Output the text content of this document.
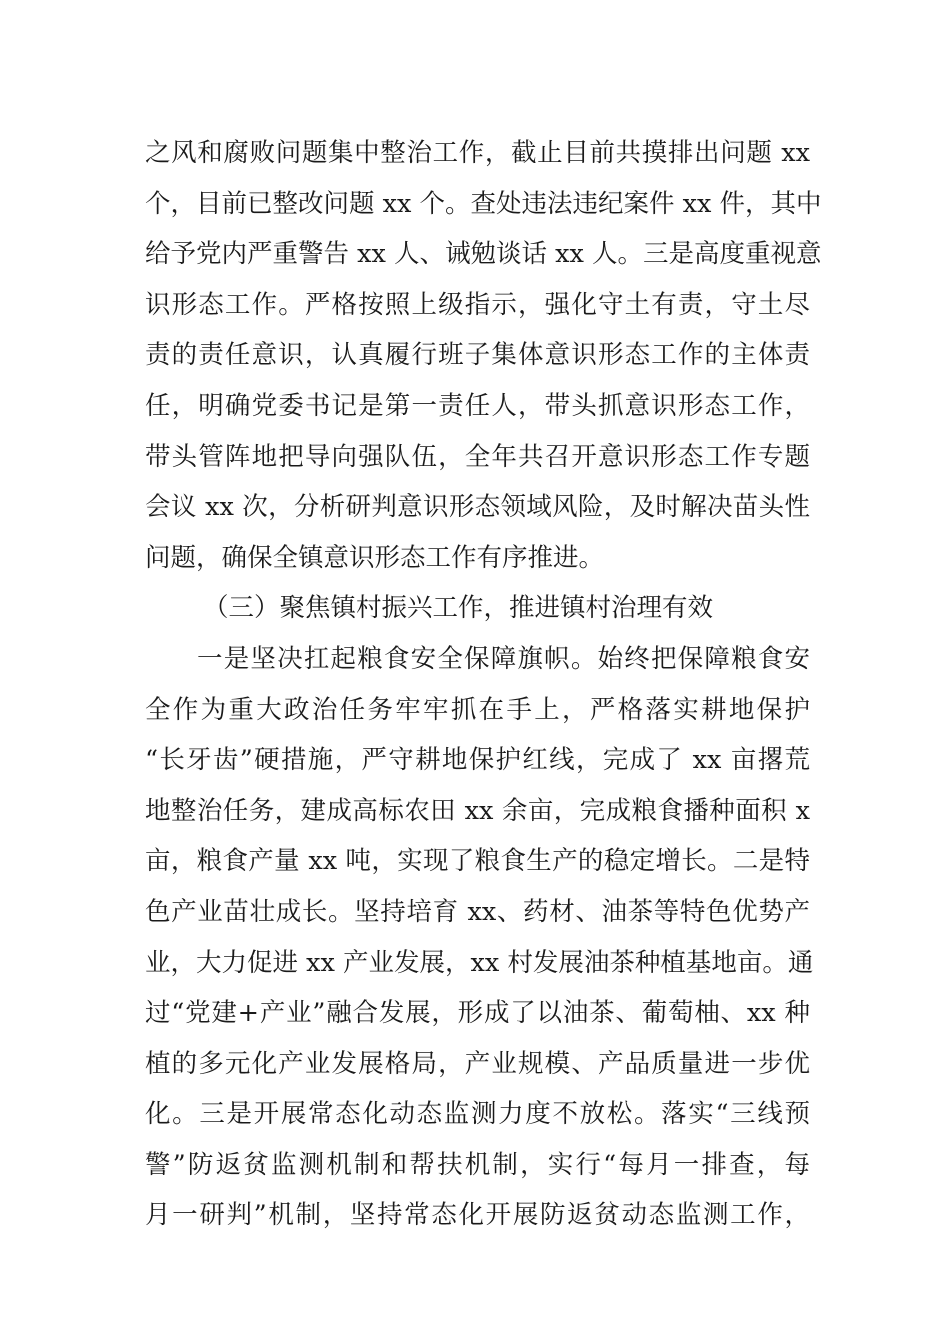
之风和腐败问题集中整治工作，截止目前共摸排出问题 xx
个，目前已整改问题 xx 个。查处违法违纪案件 xx 件，其中
给予党内严重警告 xx 人、诫勉谈话 xx 人。三是高度重视意
识形态工作。严格按照上级指示，强化守土有责，守土尽
责的责任意识，认真履行班子集体意识形态工作的主体责
任，明确党委书记是第一责任人，带头抓意识形态工作，
带头管阵地把导向强队伍，全年共召开意识形态工作专题
会议 xx 次，分析研判意识形态领域风险，及时解决苗头性
问题，确保全镇意识形态工作有序推进。
（三）聚焦镇村振兴工作，推进镇村治理有效
一是坚决扛起粮食安全保障旗帜。始终把保障粮食安
全作为重大政治任务牢牢抓在手上，严格落实耕地保护
“长牙齿”硬措施，严守耕地保护红线，完成了 xx 亩撂荒
地整治任务，建成高标农田 xx 余亩，完成粮食播种面积 x
亩，粮食产量 xx 吨，实现了粮食生产的稳定增长。二是特
色产业苗壮成长。坚持培育 xx、药材、油茶等特色优势产
业，大力促进 xx 产业发展，xx 村发展油茶种植基地亩。通
过“党建+产业”融合发展，形成了以油茶、葡萄柚、xx 种
植的多元化产业发展格局，产业规模、产品质量进一步优
化。三是开展常态化动态监测力度不放松。落实“三线预
警”防返贫监测机制和帮扶机制，实行“每月一排查，每
月一研判”机制，坚持常态化开展防返贫动态监测工作，
